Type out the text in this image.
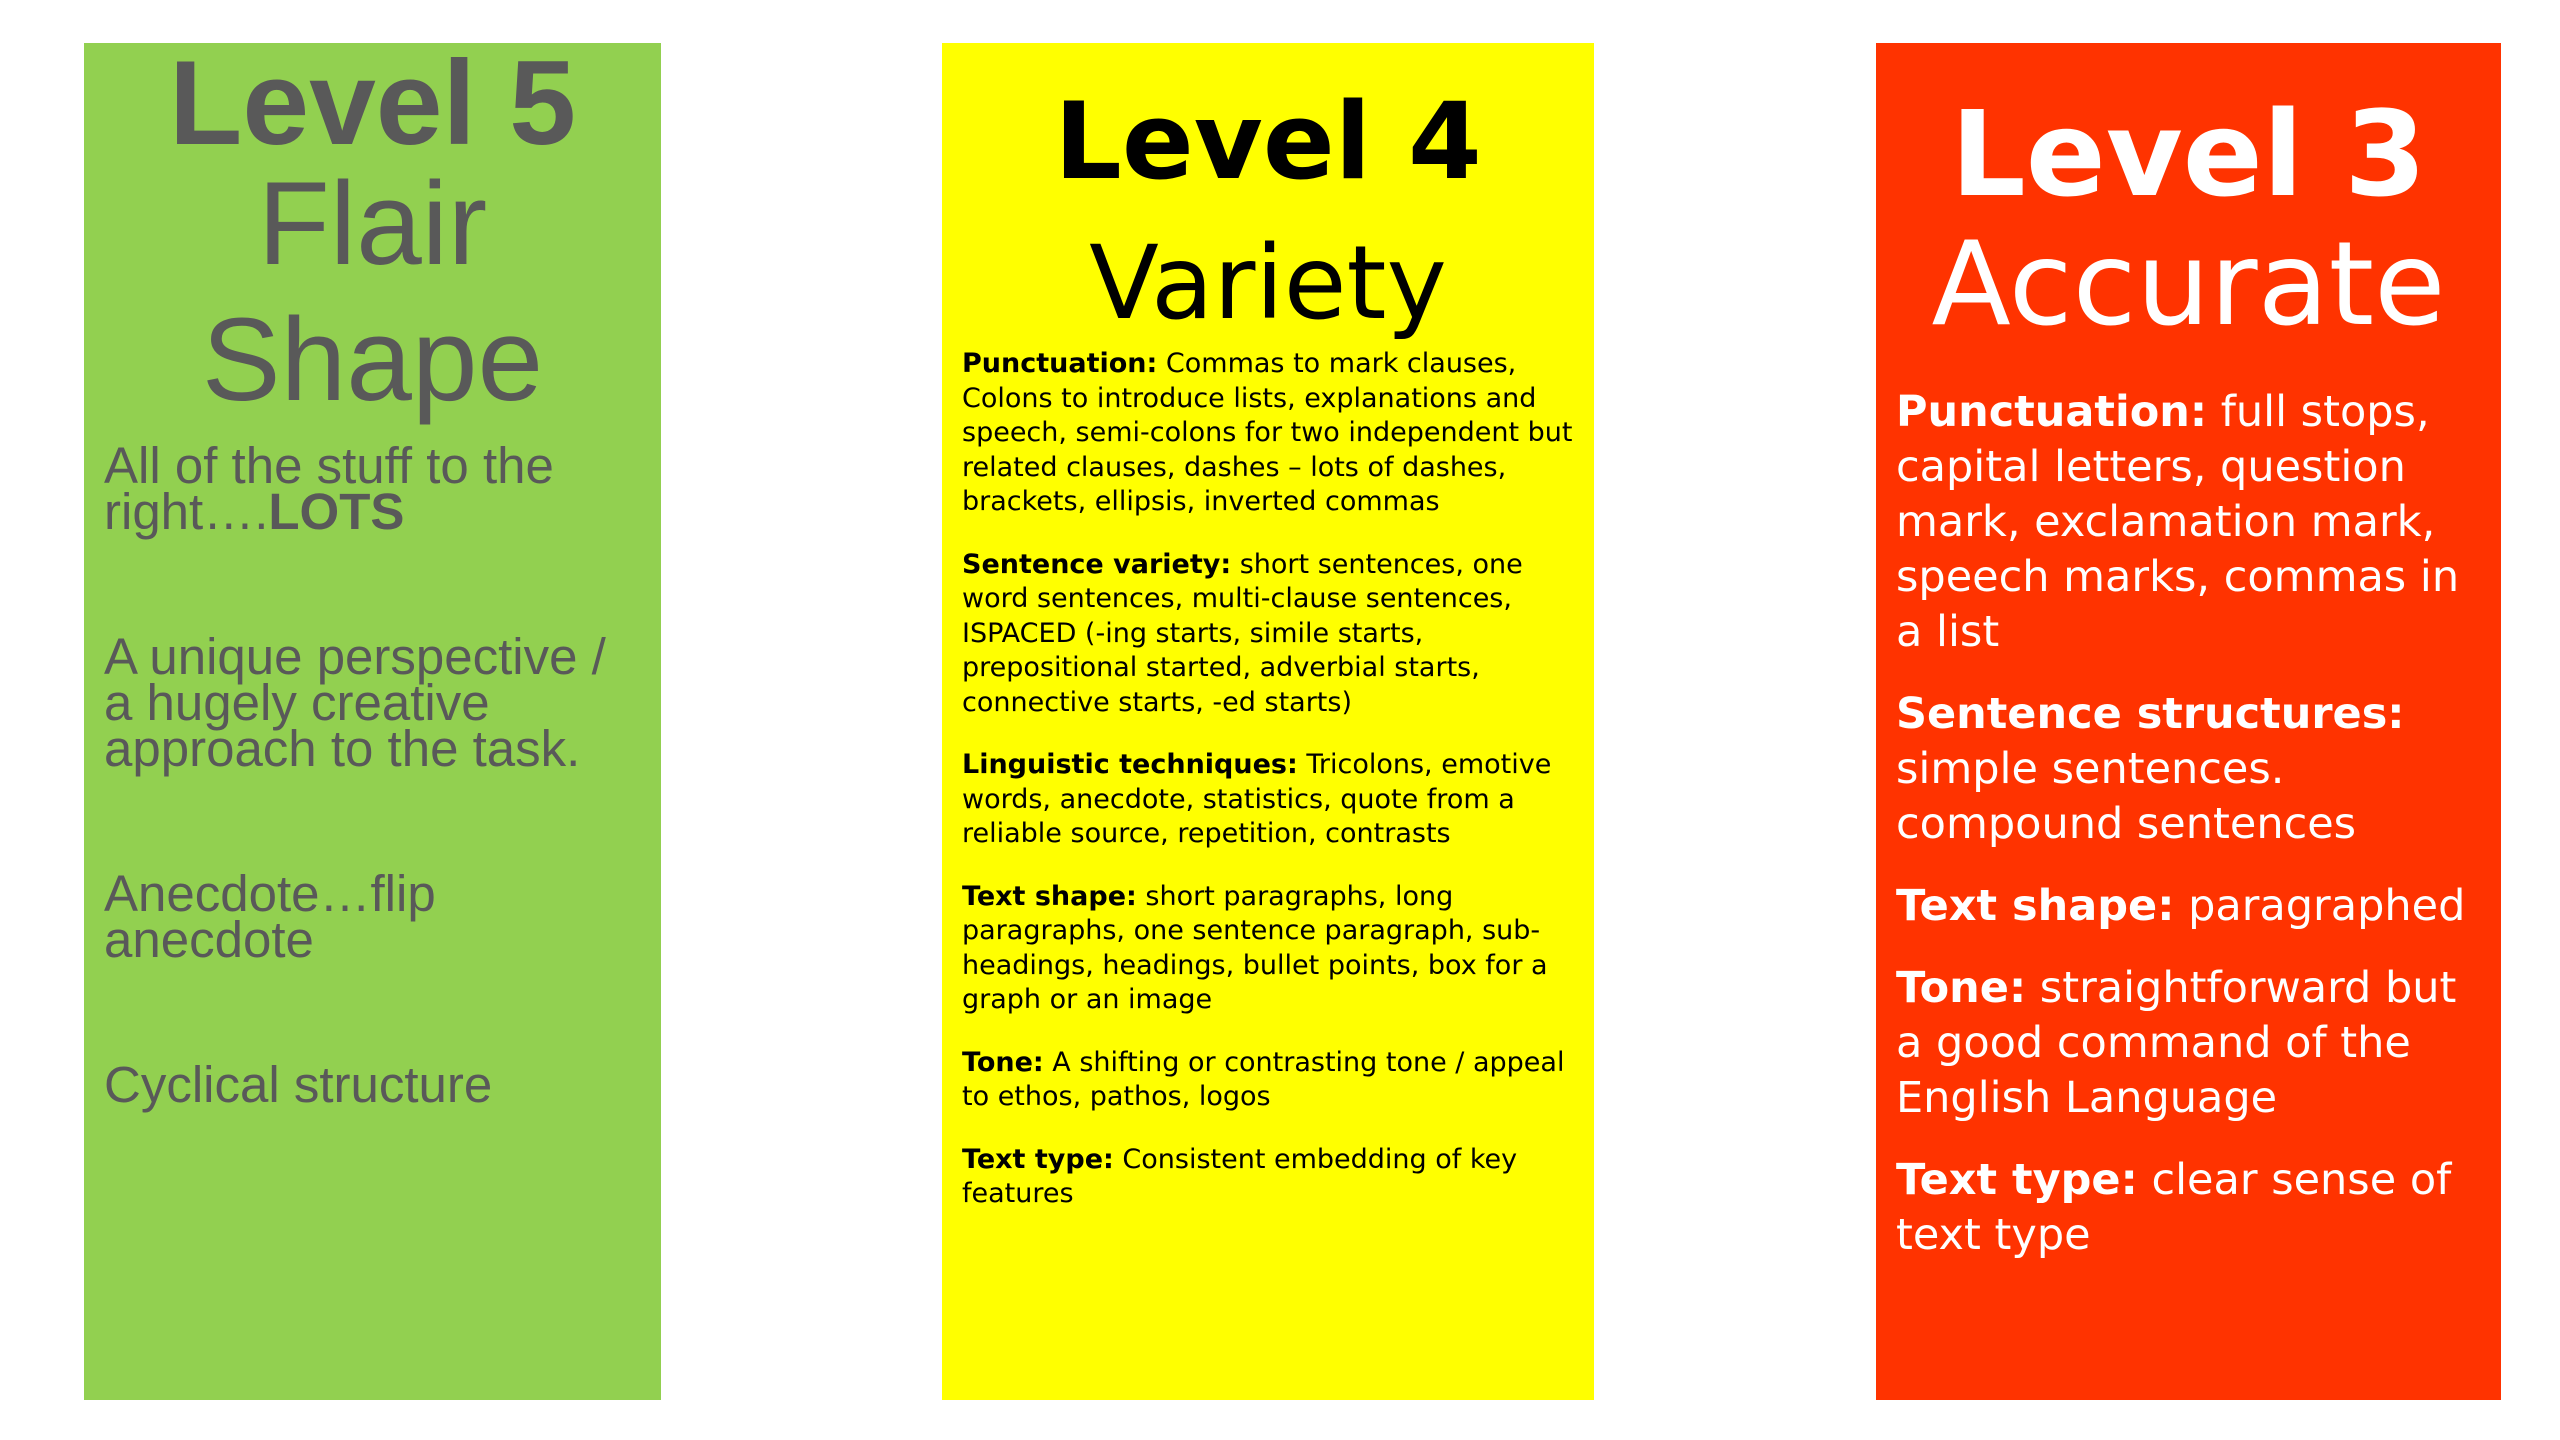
Level 5

Flair

Shape

All of the stuff to the right….LOTS

A unique perspective / a hugely creative approach to the task.

Anecdote…flip anecdote

Cyclical structure

Level 4

Variety

Punctuation: Commas to mark clauses, Colons to introduce lists, explanations and speech, semi-colons for two independent but related clauses, dashes – lots of dashes, brackets, ellipsis, inverted commas

Sentence variety: short sentences, one word sentences, multi-clause sentences, ISPACED (-ing starts, simile starts, prepositional started, adverbial starts, connective starts, -ed starts)

Linguistic techniques: Tricolons, emotive words, anecdote, statistics, quote from a reliable source, repetition, contrasts

Text shape: short paragraphs, long paragraphs, one sentence paragraph, sub-headings, headings, bullet points, box for a graph or an image

Tone: A shifting or contrasting tone / appeal to ethos, pathos, logos

Text type: Consistent embedding of key features

Level 3

Accurate

Punctuation: full stops, capital letters, question mark, exclamation mark, speech marks, commas in a list

Sentence structures: simple sentences. compound sentences

Text shape: paragraphed

Tone: straightforward but a good command of the English Language

Text type: clear sense of text type
